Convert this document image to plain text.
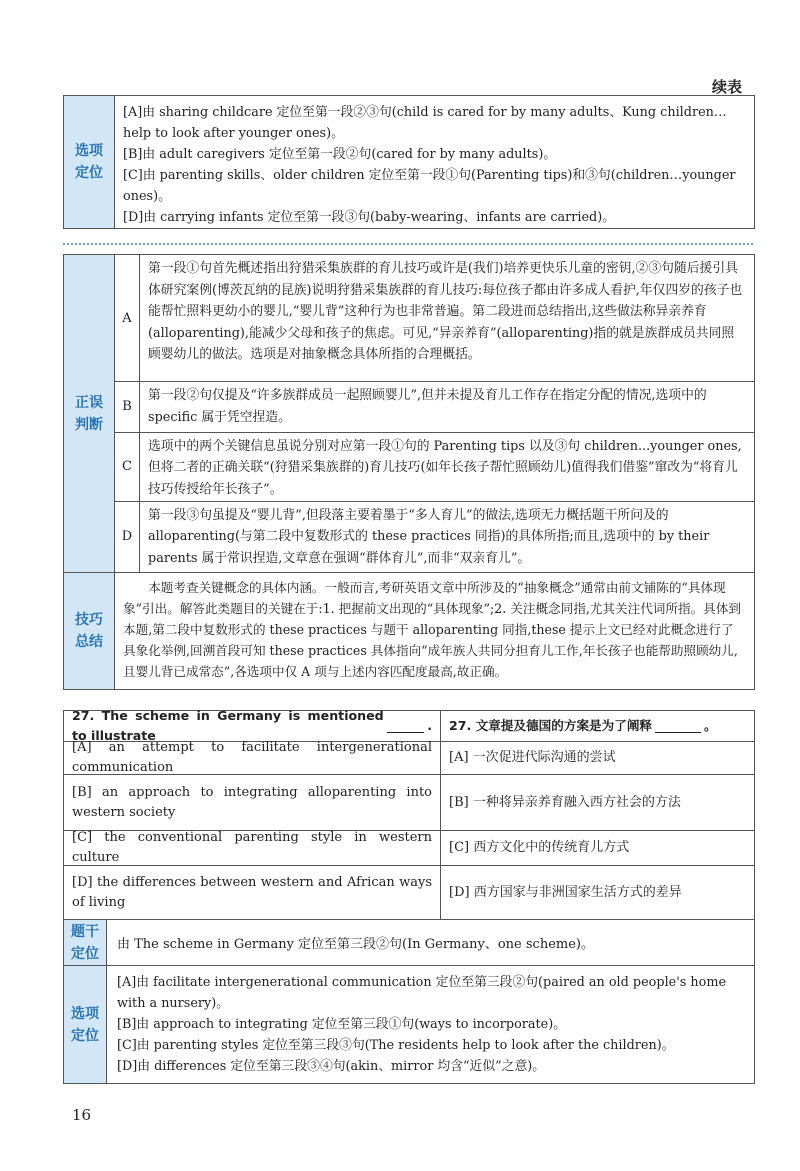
续表
选项定位

[A]由 sharing childcare 定位至第一段②③句(child is cared for by many adults、Kung children…help to look after younger ones)。

[B]由 adult caregivers 定位至第一段②句(cared for by many adults)。

[C]由 parenting skills、older children 定位至第一段①句(Parenting tips)和③句(children…younger ones)。

[D]由 carrying infants 定位至第一段③句(baby-wearing、infants are carried)。

正误判断
A
第一段①句首先概述指出狩猎采集族群的育儿技巧或许是(我们)培养更快乐儿童的密钥,②③句随后援引具体研究案例(博茨瓦纳的昆族)说明狩猎采集族群的育儿技巧:每位孩子都由许多成人看护,年仅四岁的孩子也能帮忙照料更幼小的婴儿,“婴儿背”这种行为也非常普遍。第二段进而总结指出,这些做法称异亲养育(alloparenting),能减少父母和孩子的焦虑。可见,“异亲养育”(alloparenting)指的就是族群成员共同照顾婴幼儿的做法。选项是对抽象概念具体所指的合理概括。
B
第一段②句仅提及“许多族群成员一起照顾婴儿”,但并未提及育儿工作存在指定分配的情况,选项中的 specific 属于凭空捏造。
C
选项中的两个关键信息虽说分别对应第一段①句的 Parenting tips 以及③句 children...younger ones,但将二者的正确关联“(狩猎采集族群的)育儿技巧(如年长孩子帮忙照顾幼儿)值得我们借鉴”窜改为“将育儿技巧传授给年长孩子”。
D
第一段③句虽提及“婴儿背”,但段落主要着墨于“多人育儿”的做法,选项无力概括题干所问及的 alloparenting(与第二段中复数形式的 these practices 同指)的具体所指;而且,选项中的 by their parents 属于常识捏造,文章意在强调“群体育儿”,而非“双亲育儿”。
技巧总结
本题考查关键概念的具体内涵。一般而言,考研英语文章中所涉及的“抽象概念”通常由前文铺陈的“具体现象”引出。解答此类题目的关键在于:1. 把握前文出现的“具体现象”;2. 关注概念同指,尤其关注代词所指。具体到本题,第二段中复数形式的 these practices 与题干 alloparenting 同指,these 提示上文已经对此概念进行了具象化举例,回溯首段可知 these practices 具体指向“成年族人共同分担育儿工作,年长孩子也能帮助照顾幼儿,且婴儿背已成常态”,各选项中仅 A 项与上述内容匹配度最高,故正确。
27. The scheme in Germany is mentioned to illustrate
. 27. 文章提及德国的方案是为了阐释	。
[A] an attempt to facilitate intergenerational communication
[A] 一次促进代际沟通的尝试
[B] an approach to integrating alloparenting into western society
[B] 一种将异亲养育融入西方社会的方法
[C] the conventional parenting style in western culture
[C] 西方文化中的传统育儿方式
[D] the differences between western and African ways of living
[D] 西方国家与非洲国家生活方式的差异
题干定位
由 The scheme in Germany 定位至第三段②句(In Germany、one scheme)。
选项定位

[A]由 facilitate intergenerational communication 定位至第三段②句(paired an old people's home with a nursery)。

[B]由 approach to integrating 定位至第三段①句(ways to incorporate)。

[C]由 parenting styles 定位至第三段③句(The residents help to look after the children)。

[D]由 differences 定位至第三段③④句(akin、mirror 均含“近似”之意)。

16
